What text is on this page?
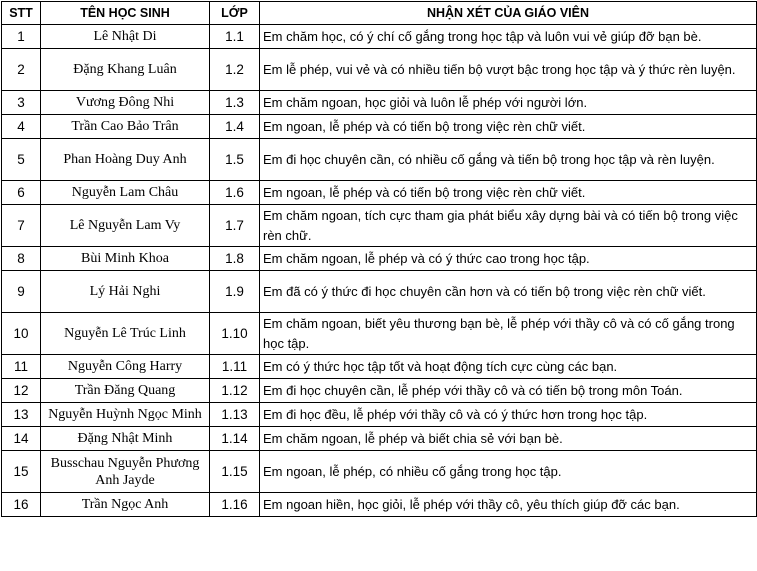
STT	TÊN HỌC SINH	LỚP	NHẬN XÉT CỦA GIÁO VIÊN
1	Lê Nhật Di	1.1	Em chăm học, có ý chí cố gắng trong học tập và luôn vui vẻ giúp đỡ bạn bè.
2	Đặng Khang Luân	1.2	Em lễ phép, vui vẻ và có nhiều tiến bộ vượt bậc trong học tập và ý thức rèn luyện.
3	Vương Đông Nhi	1.3	Em chăm ngoan, học giỏi và luôn lễ phép với người lớn.
4	Trần Cao Bảo Trân	1.4	Em ngoan, lễ phép và có tiến bộ trong việc rèn chữ viết.
5	Phan Hoàng Duy Anh	1.5	Em đi học chuyên cần, có nhiều cố gắng và tiến bộ trong học tập và rèn luyện.
6	Nguyễn Lam Châu	1.6	Em ngoan, lễ phép và có tiến bộ trong việc rèn chữ viết.
7	Lê Nguyễn Lam Vy	1.7	Em chăm ngoan, tích cực tham gia phát biểu xây dựng bài và có tiến bộ trong việc rèn chữ.
8	Bùi Minh Khoa	1.8	Em chăm ngoan, lễ phép và có ý thức cao trong học tập.
9	Lý Hải Nghi	1.9	Em đã có ý thức đi học chuyên cần hơn và có tiến bộ trong việc rèn chữ viết.
10	Nguyễn Lê Trúc Linh	1.10	Em chăm ngoan, biết yêu thương bạn bè, lễ phép với thầy cô và có cố gắng trong học tập.
11	Nguyễn Công Harry	1.11	Em có ý thức học tập tốt và hoạt động tích cực cùng các bạn.
12	Trần Đăng Quang	1.12	Em đi học chuyên cần, lễ phép với thầy cô và có tiến bộ trong môn Toán.
13	Nguyễn Huỳnh Ngọc Minh	1.13	Em đi học đều, lễ phép với thầy cô và có ý thức hơn trong học tập.
14	Đặng Nhật Minh	1.14	Em chăm ngoan, lễ phép và biết chia sẻ với bạn bè.
15	Busschau Nguyễn Phương Anh Jayde	1.15	Em ngoan, lễ phép, có nhiều cố gắng trong học tập.
16	Trần Ngọc Anh	1.16	Em ngoan hiền, học giỏi, lễ phép với thầy cô, yêu thích giúp đỡ các bạn.
